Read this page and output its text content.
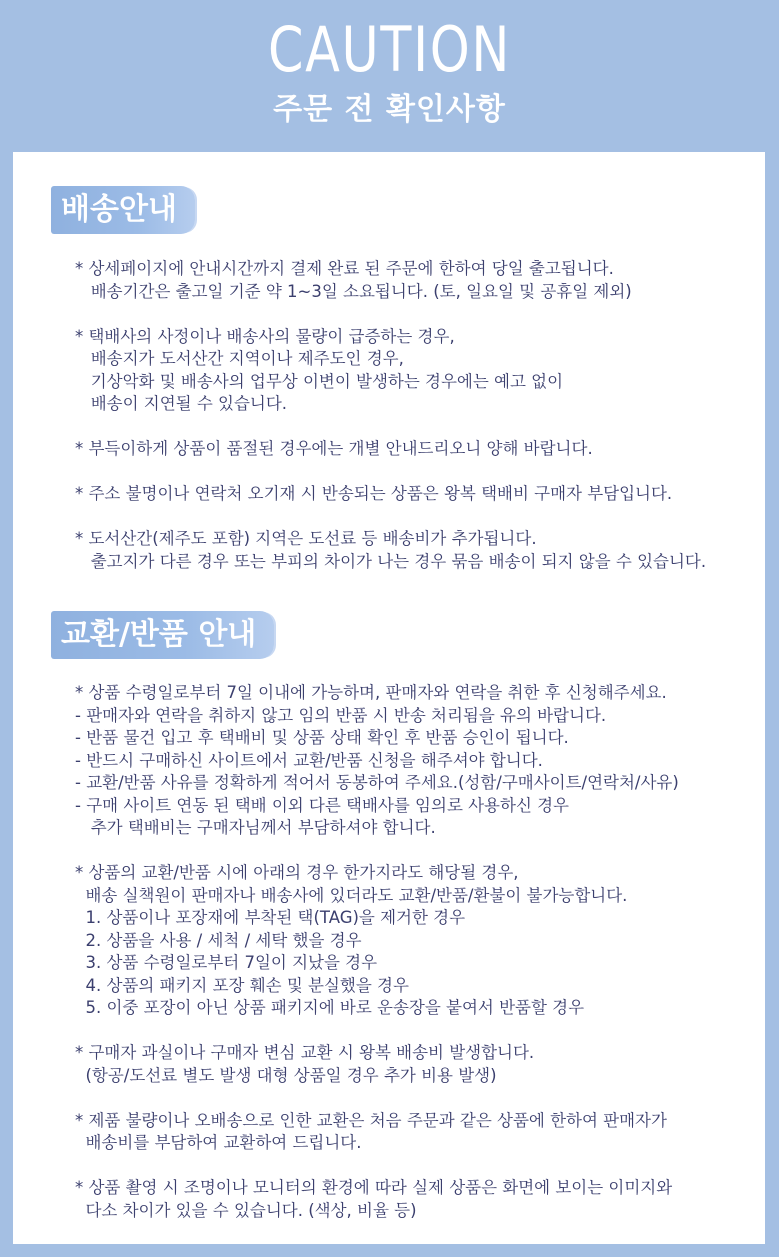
CAUTION
주문 전 확인사항
배송안내
* 상세페이지에 안내시간까지 결제 완료 된 주문에 한하여 당일 출고됩니다.
배송기간은 출고일 기준 약 1~3일 소요됩니다. (토, 일요일 및 공휴일 제외)
* 택배사의 사정이나 배송사의 물량이 급증하는 경우,
배송지가 도서산간 지역이나 제주도인 경우,
기상악화 및 배송사의 업무상 이변이 발생하는 경우에는 예고 없이
배송이 지연될 수 있습니다.
* 부득이하게 상품이 품절된 경우에는 개별 안내드리오니 양해 바랍니다.
* 주소 불명이나 연락처 오기재 시 반송되는 상품은 왕복 택배비 구매자 부담입니다.
* 도서산간(제주도 포함) 지역은 도선료 등 배송비가 추가됩니다.
출고지가 다른 경우 또는 부피의 차이가 나는 경우 묶음 배송이 되지 않을 수 있습니다.
교환/반품 안내
* 상품 수령일로부터 7일 이내에 가능하며, 판매자와 연락을 취한 후 신청해주세요.
- 판매자와 연락을 취하지 않고 임의 반품 시 반송 처리됨을 유의 바랍니다.
- 반품 물건 입고 후 택배비 및 상품 상태 확인 후 반품 승인이 됩니다.
- 반드시 구매하신 사이트에서 교환/반품 신청을 해주셔야 합니다.
- 교환/반품 사유를 정확하게 적어서 동봉하여 주세요.(성함/구매사이트/연락처/사유)
- 구매 사이트 연동 된 택배 이외 다른 택배사를 임의로 사용하신 경우
추가 택배비는 구매자님께서 부담하셔야 합니다.
* 상품의 교환/반품 시에 아래의 경우 한가지라도 해당될 경우,
배송 실책원이 판매자나 배송사에 있더라도 교환/반품/환불이 불가능합니다.
1. 상품이나 포장재에 부착된 택(TAG)을 제거한 경우
2. 상품을 사용 / 세척 / 세탁 했을 경우
3. 상품 수령일로부터 7일이 지났을 경우
4. 상품의 패키지 포장 훼손 및 분실했을 경우
5. 이중 포장이 아닌 상품 패키지에 바로 운송장을 붙여서 반품할 경우
* 구매자 과실이나 구매자 변심 교환 시 왕복 배송비 발생합니다.
(항공/도선료 별도 발생 대형 상품일 경우 추가 비용 발생)
* 제품 불량이나 오배송으로 인한 교환은 처음 주문과 같은 상품에 한하여 판매자가
배송비를 부담하여 교환하여 드립니다.
* 상품 촬영 시 조명이나 모니터의 환경에 따라 실제 상품은 화면에 보이는 이미지와
다소 차이가 있을 수 있습니다. (색상, 비율 등)
